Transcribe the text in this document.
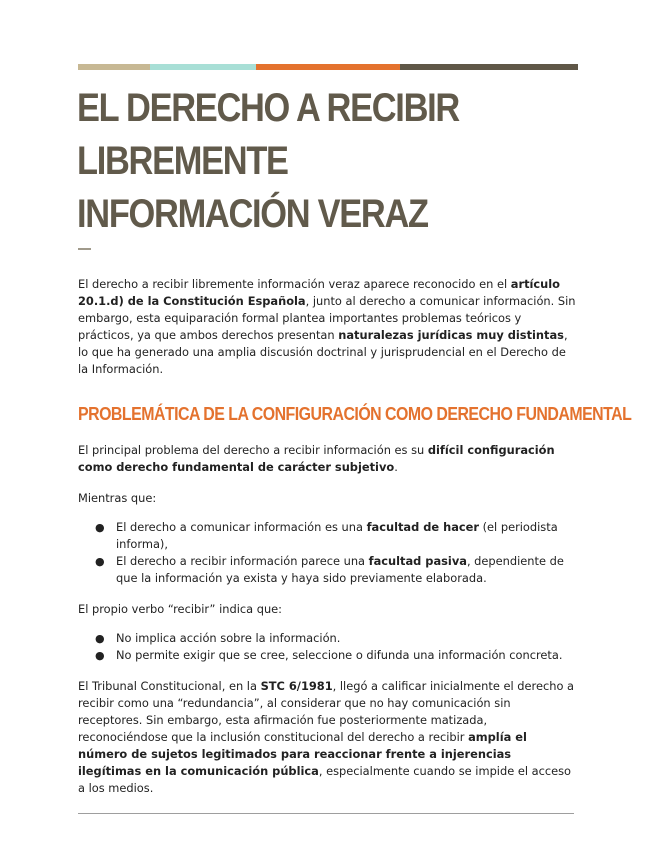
EL DERECHO A RECIBIR LIBREMENTE INFORMACIÓN VERAZ

El derecho a recibir libremente información veraz aparece reconocido en el artículo 20.1.d) de la Constitución Española, junto al derecho a comunicar información. Sin embargo, esta equiparación formal plantea importantes problemas teóricos y prácticos, ya que ambos derechos presentan naturalezas jurídicas muy distintas, lo que ha generado una amplia discusión doctrinal y jurisprudencial en el Derecho de la Información.

PROBLEMÁTICA DE LA CONFIGURACIÓN COMO DERECHO FUNDAMENTAL

El principal problema del derecho a recibir información es su difícil configuración como derecho fundamental de carácter subjetivo.

Mientras que:

● El derecho a comunicar información es una facultad de hacer (el periodista informa),
● El derecho a recibir información parece una facultad pasiva, dependiente de que la información ya exista y haya sido previamente elaborada.

El propio verbo “recibir” indica que:

● No implica acción sobre la información.
● No permite exigir que se cree, seleccione o difunda una información concreta.

El Tribunal Constitucional, en la STC 6/1981, llegó a calificar inicialmente el derecho a recibir como una “redundancia”, al considerar que no hay comunicación sin receptores. Sin embargo, esta afirmación fue posteriormente matizada, reconociéndose que la inclusión constitucional del derecho a recibir amplía el número de sujetos legitimados para reaccionar frente a injerencias ilegítimas en la comunicación pública, especialmente cuando se impide el acceso a los medios.
